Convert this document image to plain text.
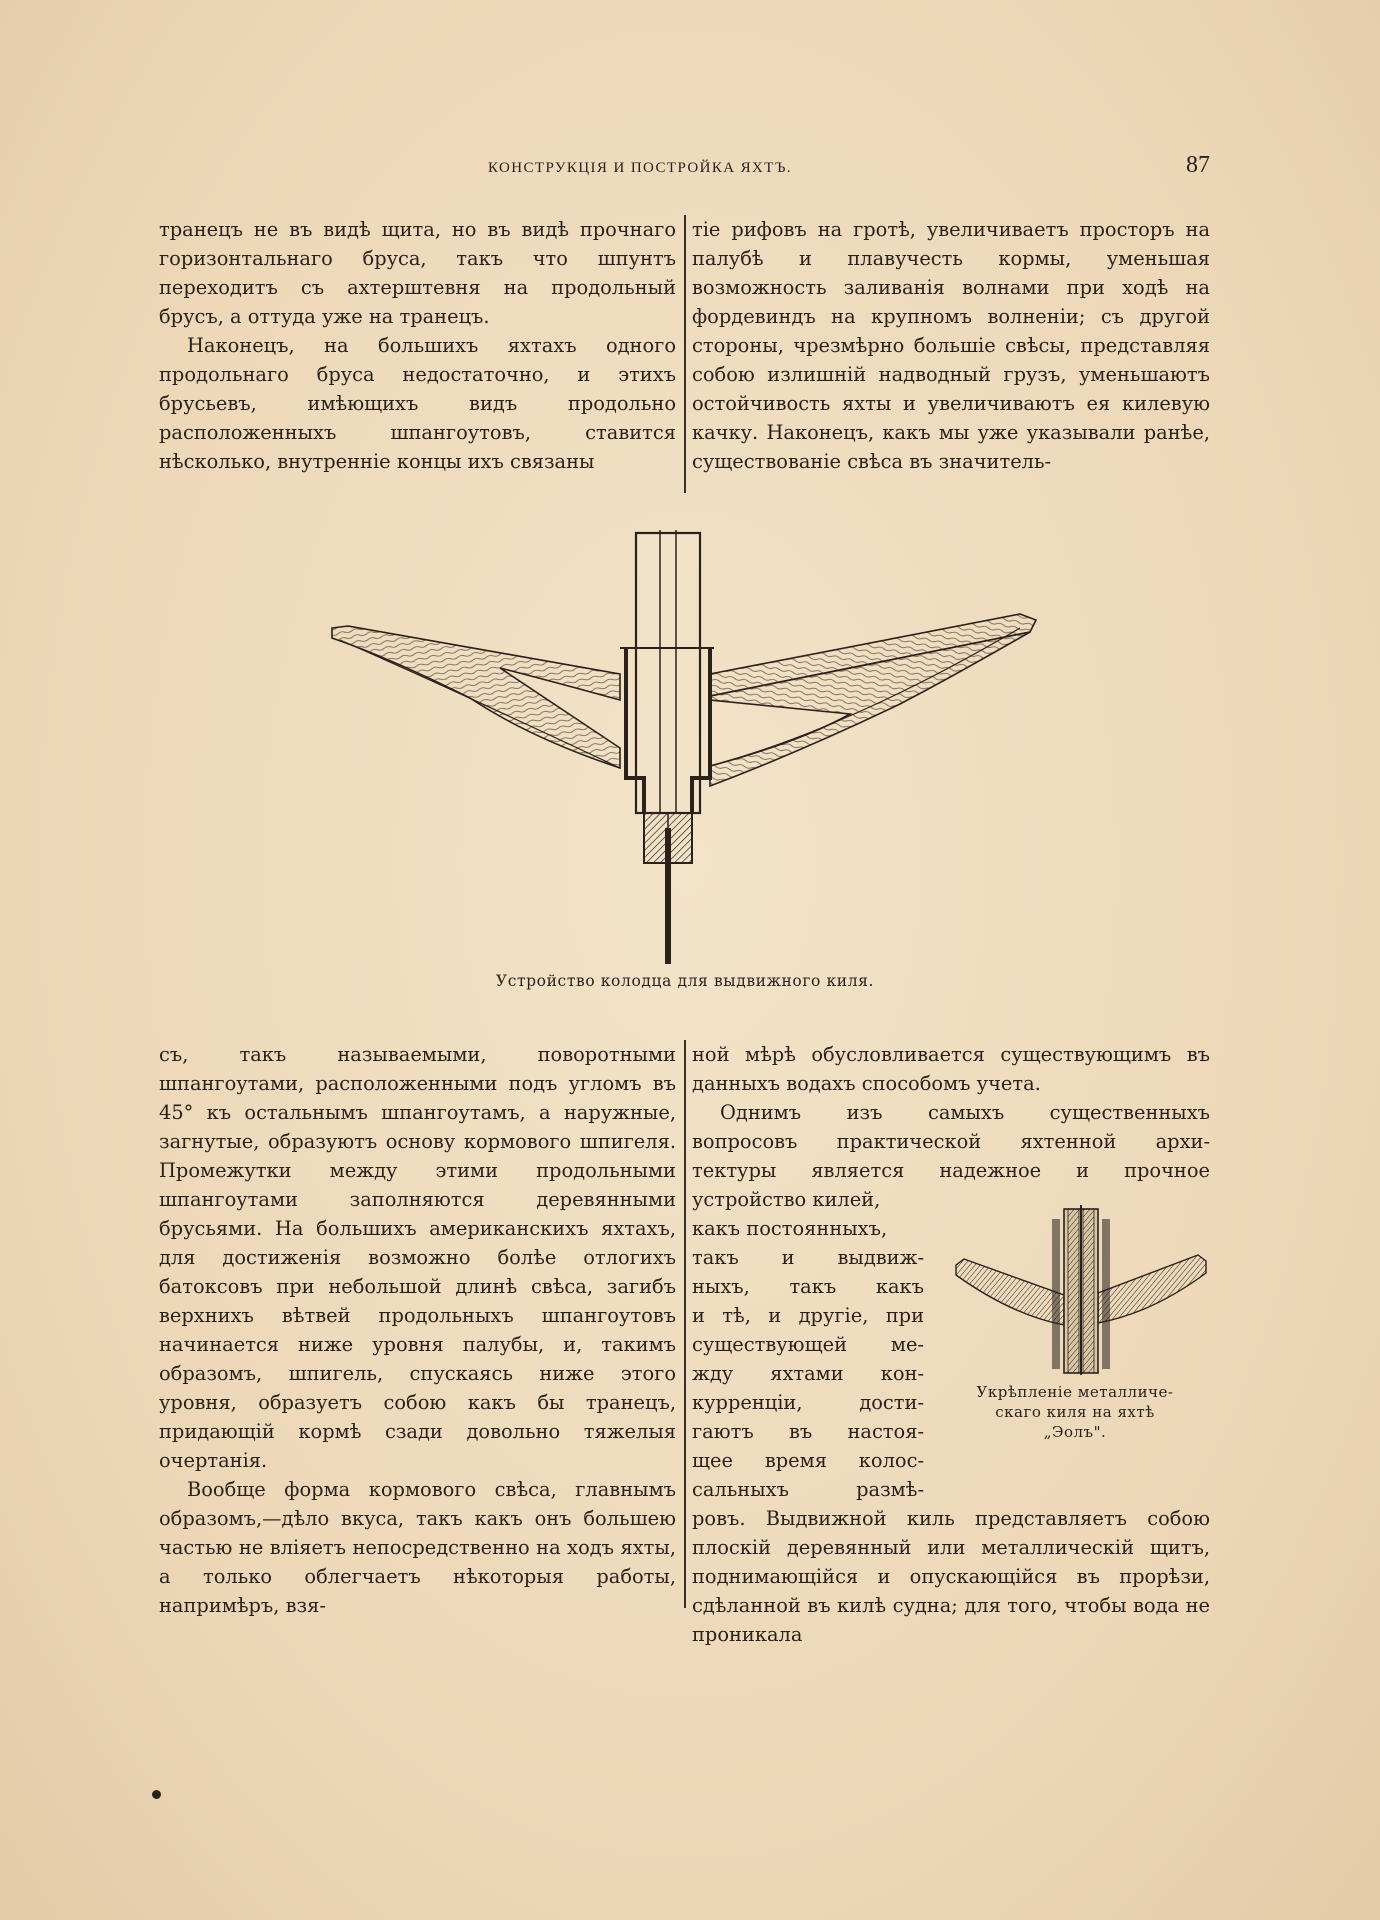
КОНСТРУКЦІЯ И ПОСТРОЙКА ЯХТЪ.	87

транецъ не въ видѣ щита, но въ видѣ прочнаго горизонтальнаго бруса, такъ что шпунтъ переходитъ съ ахтерштевня на продольный брусъ, а оттуда уже на транецъ.

Наконецъ, на большихъ яхтахъ одного продольнаго бруса недостаточно, и этихъ брусьевъ, имѣющихъ видъ продольно расположенныхъ шпангоутовъ, ставится нѣсколько, внутренніе концы ихъ связаны

тіе рифовъ на гротѣ, увеличиваетъ просторъ на палубѣ и плавучесть кормы, уменьшая возможность заливанія волнами при ходѣ на фордевиндъ на крупномъ волненіи; съ другой стороны, чрезмѣрно большіе свѣсы, представляя собою излишній надводный грузъ, уменьшаютъ остойчивость яхты и увеличиваютъ ея килевую качку. Наконецъ, какъ мы уже указывали ранѣе, существованіе свѣса въ значитель-

Устройство колодца для выдвижного киля.

съ, такъ называемыми, поворотными шпангоутами, расположенными подъ угломъ въ 45° къ остальнымъ шпангоутамъ, а наружные, загнутые, образуютъ основу кормового шпигеля. Промежутки между этими продольными шпангоутами заполняются деревянными брусьями. На большихъ американскихъ яхтахъ, для достиженія возможно болѣе отлогихъ батоксовъ при небольшой длинѣ свѣса, загибъ верхнихъ вѣтвей продольныхъ шпангоутовъ начинается ниже уровня палубы, и, такимъ образомъ, шпигель, спускаясь ниже этого уровня, образуетъ собою какъ бы транецъ, придающій кормѣ сзади довольно тяжелыя очертанія.

Вообще форма кормового свѣса, главнымъ образомъ,—дѣло вкуса, такъ какъ онъ большею частью не вліяетъ непосредственно на ходъ яхты, а только облегчаетъ нѣкоторыя работы, напримѣръ, взя-

ной мѣрѣ обусловливается существующимъ въ данныхъ водахъ способомъ учета.

Однимъ изъ самыхъ существенныхъ
вопросовъ практической яхтенной архи-
тектуры является надежное и прочное
устройство килей,
какъ постоянныхъ,
такъ и выдвиж-
ныхъ, такъ какъ
и тѣ, и другіе, при
существующей ме-
жду яхтами кон-
курренціи, дости-
гаютъ въ настоя-
щее время колос-
сальныхъ размѣ-
ровъ. Выдвижной киль представляетъ собою плоскій деревянный или металлическій щитъ, поднимающійся и опускающійся въ прорѣзи, сдѣланной въ килѣ судна; для того, чтобы вода не проникала
Укрѣпленіе металличе-
скаго киля на яхтѣ
„Эолъ".
